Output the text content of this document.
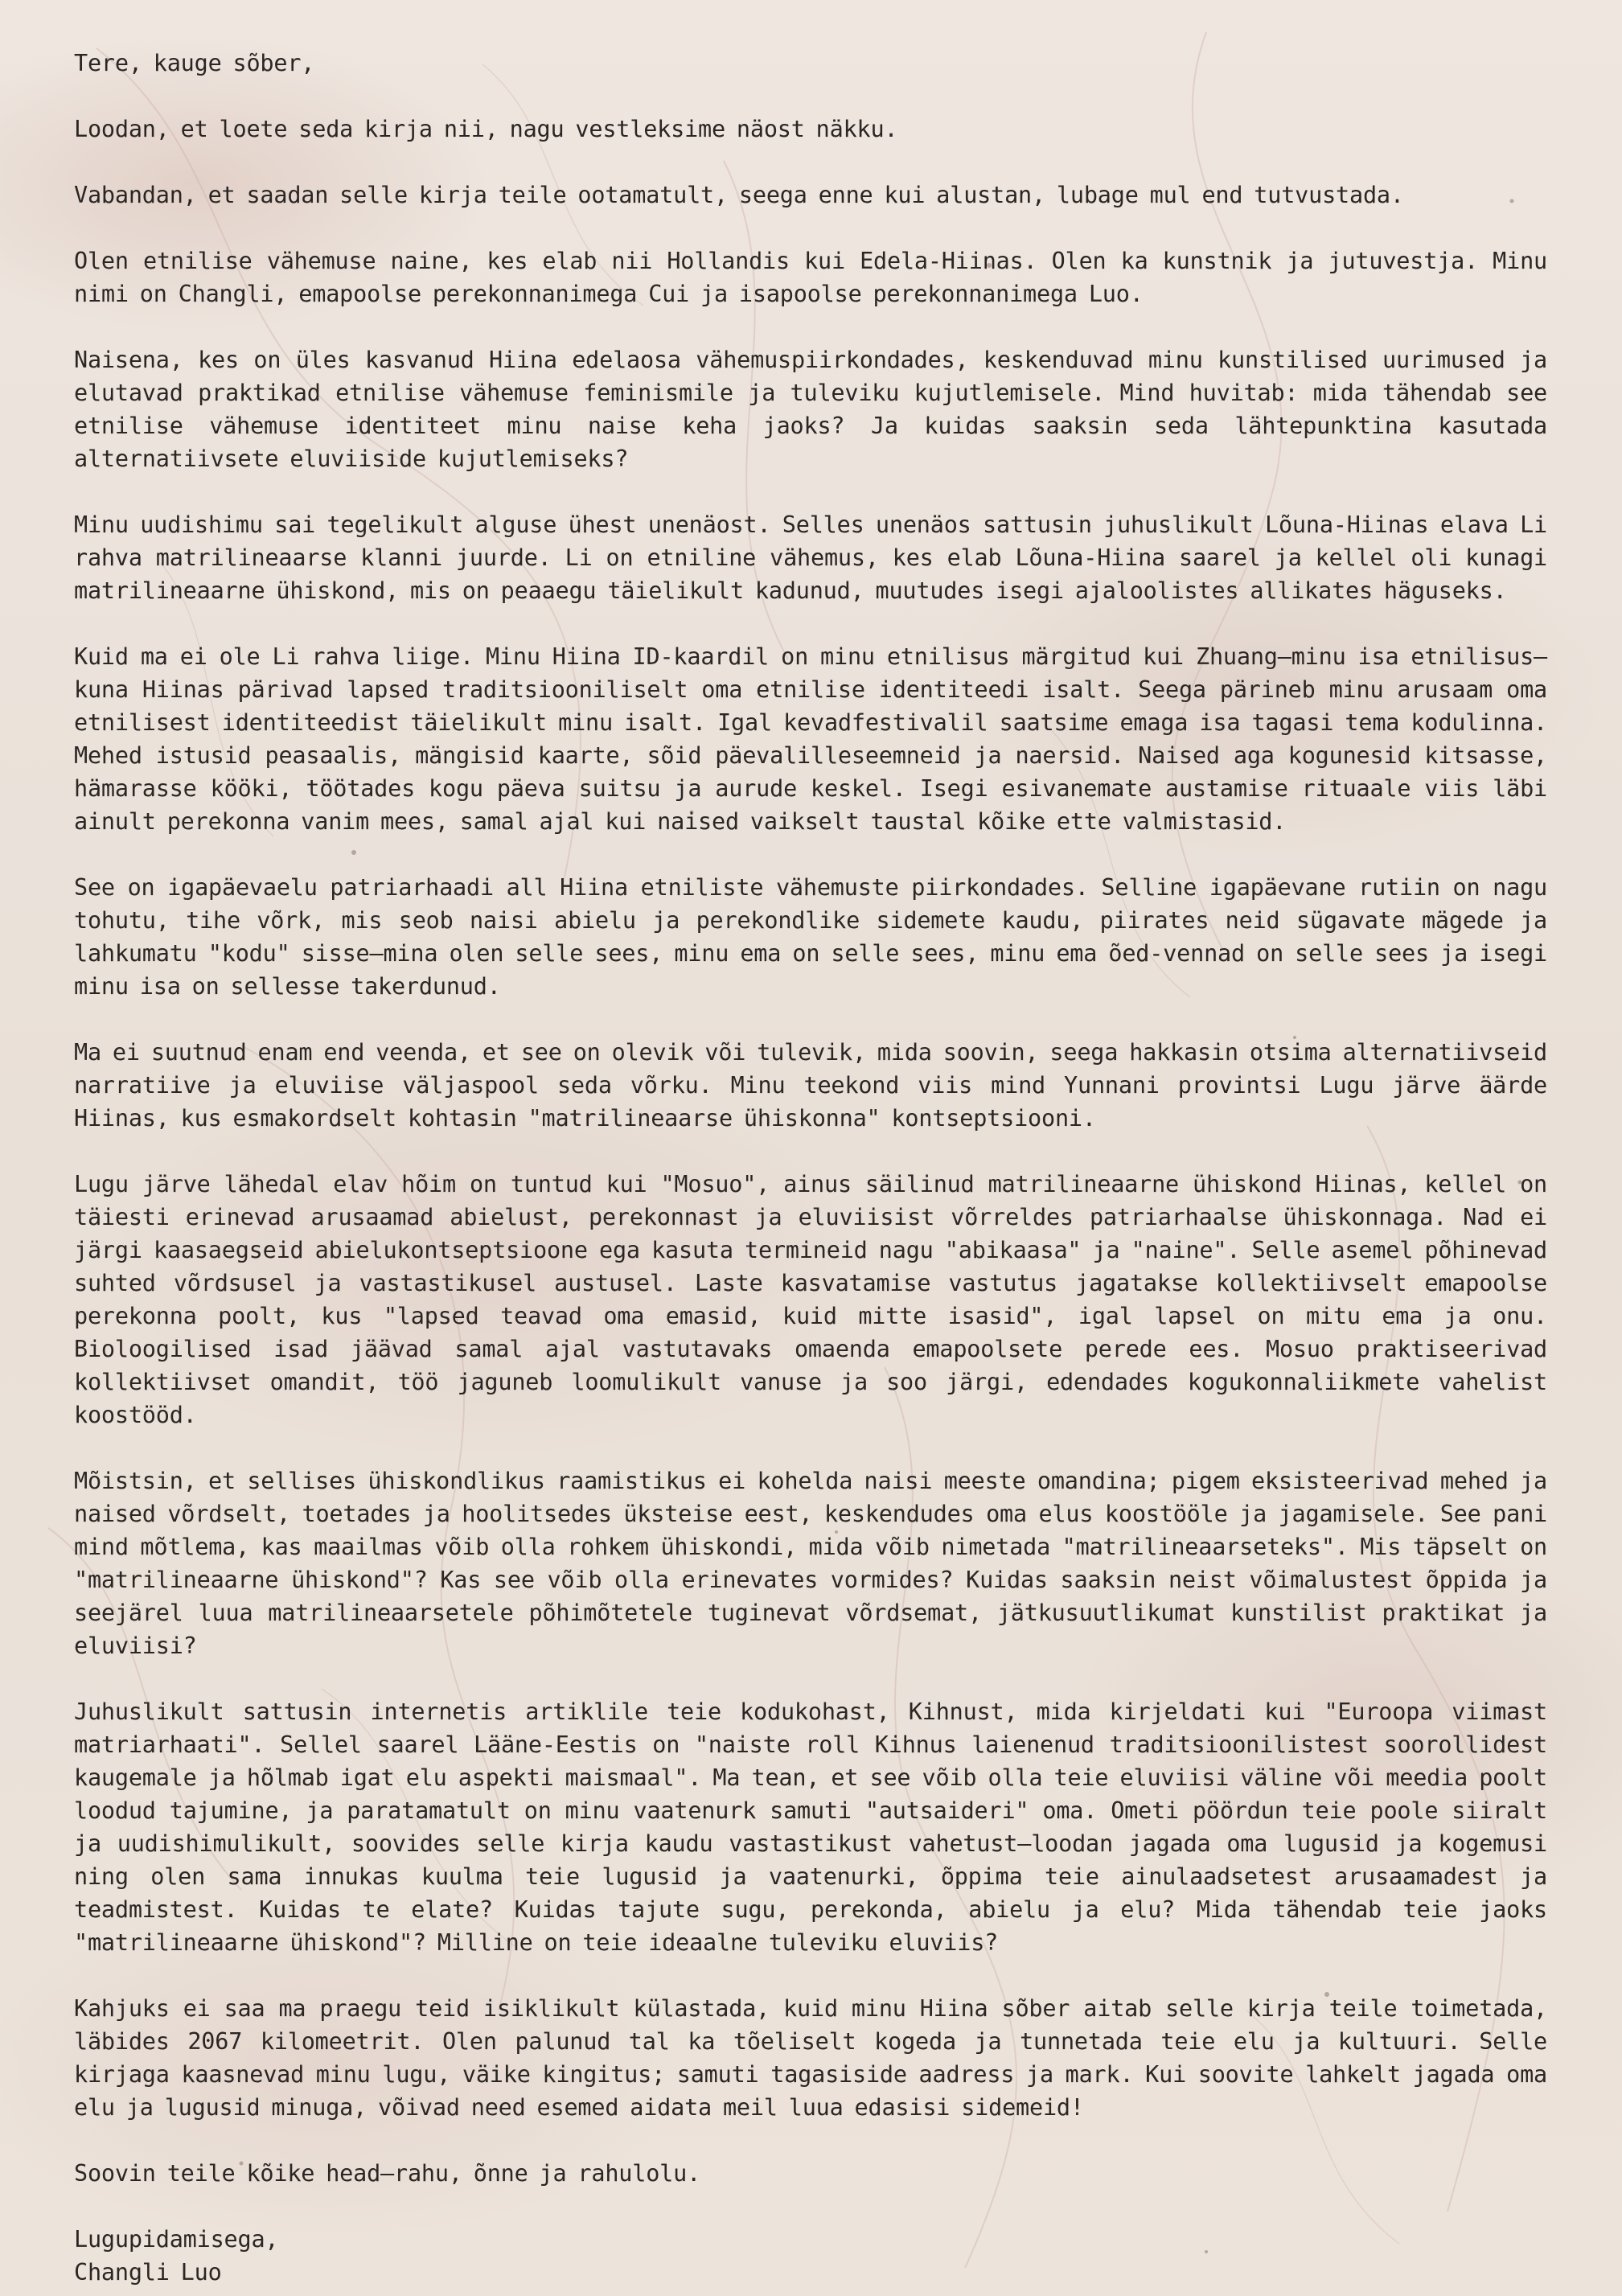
Tere, kauge sõber,

Loodan, et loete seda kirja nii, nagu vestleksime näost näkku.

Vabandan, et saadan selle kirja teile ootamatult, seega enne kui alustan, lubage mul end tutvustada.

Olen etnilise vähemuse naine, kes elab nii Hollandis kui Edela-Hiinas. Olen ka kunstnik ja jutuvestja. Minu nimi on Changli, emapoolse perekonnanimega Cui ja isapoolse perekonnanimega Luo.

Naisena, kes on üles kasvanud Hiina edelaosa vähemuspiirkondades, keskenduvad minu kunstilised uurimused ja elutavad praktikad etnilise vähemuse feminismile ja tuleviku kujutlemisele. Mind huvitab: mida tähendab see etnilise vähemuse identiteet minu naise keha jaoks? Ja kuidas saaksin seda lähtepunktina kasutada alternatiivsete eluviiside kujutlemiseks?

Minu uudishimu sai tegelikult alguse ühest unenäost. Selles unenäos sattusin juhuslikult Lõuna-Hiinas elava Li rahva matrilineaarse klanni juurde. Li on etniline vähemus, kes elab Lõuna-Hiina saarel ja kellel oli kunagi matrilineaarne ühiskond, mis on peaaegu täielikult kadunud, muutudes isegi ajaloolistes allikates häguseks.

Kuid ma ei ole Li rahva liige. Minu Hiina ID-kaardil on minu etnilisus märgitud kui Zhuang—minu isa etnilisus—kuna Hiinas pärivad lapsed traditsiooniliselt oma etnilise identiteedi isalt. Seega pärineb minu arusaam oma etnilisest identiteedist täielikult minu isalt. Igal kevadfestivalil saatsime emaga isa tagasi tema kodulinna. Mehed istusid peasaalis, mängisid kaarte, sõid päevalilleseemneid ja naersid. Naised aga kogunesid kitsasse, hämarasse kööki, töötades kogu päeva suitsu ja aurude keskel. Isegi esivanemate austamise rituaale viis läbi ainult perekonna vanim mees, samal ajal kui naised vaikselt taustal kõike ette valmistasid.

See on igapäevaelu patriarhaadi all Hiina etniliste vähemuste piirkondades. Selline igapäevane rutiin on nagu tohutu, tihe võrk, mis seob naisi abielu ja perekondlike sidemete kaudu, piirates neid sügavate mägede ja lahkumatu "kodu" sisse—mina olen selle sees, minu ema on selle sees, minu ema õed-vennad on selle sees ja isegi minu isa on sellesse takerdunud.

Ma ei suutnud enam end veenda, et see on olevik või tulevik, mida soovin, seega hakkasin otsima alternatiivseid narratiive ja eluviise väljaspool seda võrku. Minu teekond viis mind Yunnani provintsi Lugu järve äärde Hiinas, kus esmakordselt kohtasin "matrilineaarse ühiskonna" kontseptsiooni.

Lugu järve lähedal elav hõim on tuntud kui "Mosuo", ainus säilinud matrilineaarne ühiskond Hiinas, kellel on täiesti erinevad arusaamad abielust, perekonnast ja eluviisist võrreldes patriarhaalse ühiskonnaga. Nad ei järgi kaasaegseid abielukontseptsioone ega kasuta termineid nagu "abikaasa" ja "naine". Selle asemel põhinevad suhted võrdsusel ja vastastikusel austusel. Laste kasvatamise vastutus jagatakse kollektiivselt emapoolse perekonna poolt, kus "lapsed teavad oma emasid, kuid mitte isasid", igal lapsel on mitu ema ja onu. Bioloogilised isad jäävad samal ajal vastutavaks omaenda emapoolsete perede ees. Mosuo praktiseerivad kollektiivset omandit, töö jaguneb loomulikult vanuse ja soo järgi, edendades kogukonnaliikmete vahelist koostööd.

Mõistsin, et sellises ühiskondlikus raamistikus ei kohelda naisi meeste omandina; pigem eksisteerivad mehed ja naised võrdselt, toetades ja hoolitsedes üksteise eest, keskendudes oma elus koostööle ja jagamisele. See pani mind mõtlema, kas maailmas võib olla rohkem ühiskondi, mida võib nimetada "matrilineaarseteks". Mis täpselt on "matrilineaarne ühiskond"? Kas see võib olla erinevates vormides? Kuidas saaksin neist võimalustest õppida ja seejärel luua matrilineaarsetele põhimõtetele tuginevat võrdsemat, jätkusuutlikumat kunstilist praktikat ja eluviisi?

Juhuslikult sattusin internetis artiklile teie kodukohast, Kihnust, mida kirjeldati kui "Euroopa viimast matriarhaati". Sellel saarel Lääne-Eestis on "naiste roll Kihnus laienenud traditsioonilistest soorollidest kaugemale ja hõlmab igat elu aspekti maismaal". Ma tean, et see võib olla teie eluviisi väline või meedia poolt loodud tajumine, ja paratamatult on minu vaatenurk samuti "autsaideri" oma. Ometi pöördun teie poole siiralt ja uudishimulikult, soovides selle kirja kaudu vastastikust vahetust—loodan jagada oma lugusid ja kogemusi ning olen sama innukas kuulma teie lugusid ja vaatenurki, õppima teie ainulaadsetest arusaamadest ja teadmistest. Kuidas te elate? Kuidas tajute sugu, perekonda, abielu ja elu? Mida tähendab teie jaoks "matrilineaarne ühiskond"? Milline on teie ideaalne tuleviku eluviis?

Kahjuks ei saa ma praegu teid isiklikult külastada, kuid minu Hiina sõber aitab selle kirja teile toimetada, läbides 2067 kilomeetrit. Olen palunud tal ka tõeliselt kogeda ja tunnetada teie elu ja kultuuri. Selle kirjaga kaasnevad minu lugu, väike kingitus; samuti tagasiside aadress ja mark. Kui soovite lahkelt jagada oma elu ja lugusid minuga, võivad need esemed aidata meil luua edasisi sidemeid!

Soovin teile kõike head—rahu, õnne ja rahulolu.

Lugupidamisega,

Changli Luo
